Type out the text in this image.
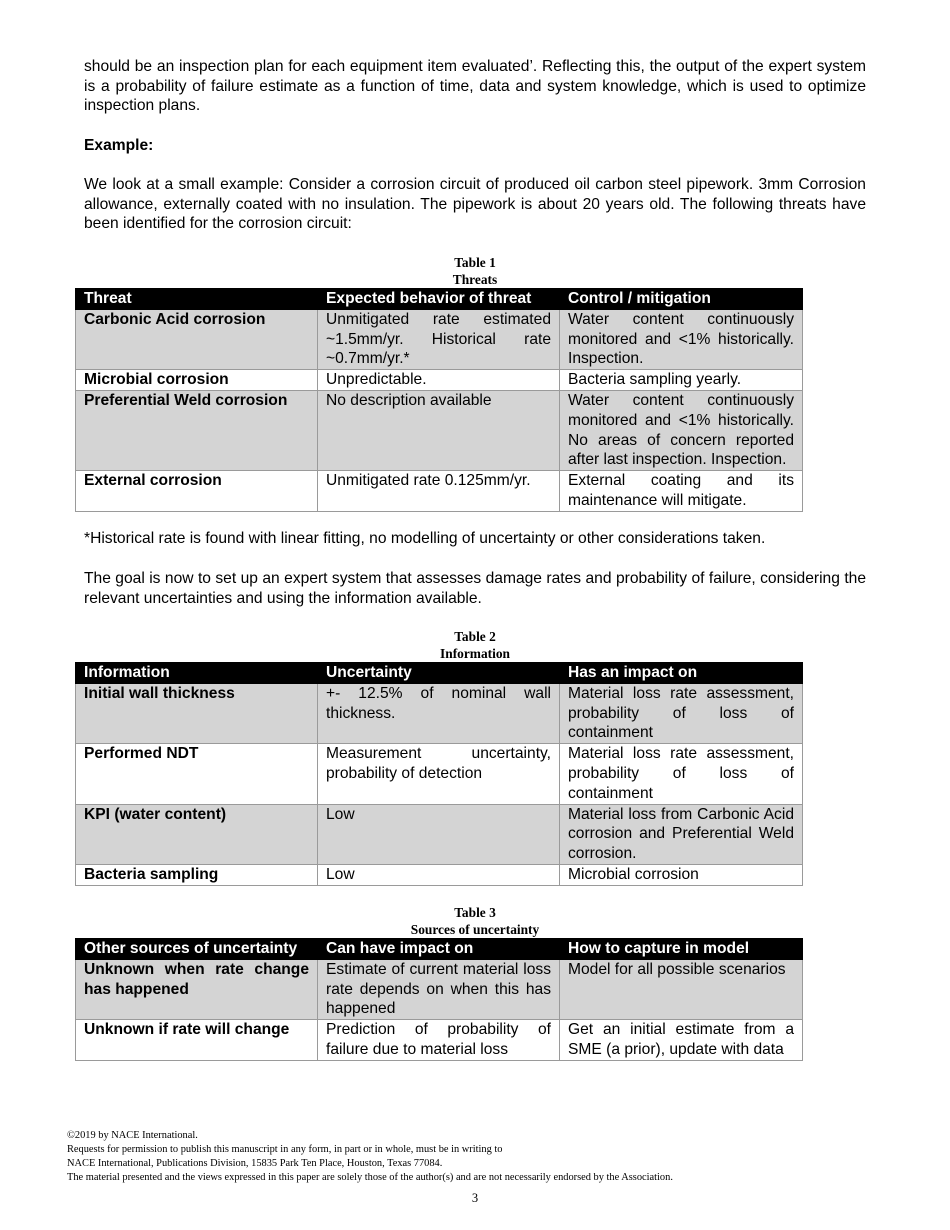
should be an inspection plan for each equipment item evaluated’. Reflecting this, the output of the expert system is a probability of failure estimate as a function of time, data and system knowledge, which is used to optimize inspection plans.

Example:

We look at a small example: Consider a corrosion circuit of produced oil carbon steel pipework. 3mm Corrosion allowance, externally coated with no insulation. The pipework is about 20 years old. The following threats have been identified for the corrosion circuit:

Table 1
Threats
Threat	Expected behavior of threat	Control / mitigation
Carbonic Acid corrosion	Unmitigated rate estimated ~1.5mm/yr. Historical rate ~0.7mm/yr.*	Water content continuously monitored and <1% historically. Inspection.
Microbial corrosion	Unpredictable.	Bacteria sampling yearly.
Preferential Weld corrosion	No description available	Water content continuously monitored and <1% historically. No areas of concern reported after last inspection. Inspection.
External corrosion	Unmitigated rate 0.125mm/yr.	External coating and its maintenance will mitigate.

*Historical rate is found with linear fitting, no modelling of uncertainty or other considerations taken.

The goal is now to set up an expert system that assesses damage rates and probability of failure, considering the relevant uncertainties and using the information available.

Table 2
Information
Information	Uncertainty	Has an impact on
Initial wall thickness	+- 12.5% of nominal wall thickness.	Material loss rate assessment, probability of loss of containment
Performed NDT	Measurement uncertainty, probability of detection	Material loss rate assessment, probability of loss of containment
KPI (water content)	Low	Material loss from Carbonic Acid corrosion and Preferential Weld corrosion.
Bacteria sampling	Low	Microbial corrosion
Table 3
Sources of uncertainty
Other sources of uncertainty	Can have impact on	How to capture in model
Unknown when rate change has happened	Estimate of current material loss rate depends on when this has happened	Model for all possible scenarios
Unknown if rate will change	Prediction of probability of failure due to material loss	Get an initial estimate from a SME (a prior), update with data
©2019 by NACE International.
Requests for permission to publish this manuscript in any form, in part or in whole, must be in writing to
NACE International, Publications Division, 15835 Park Ten Place, Houston, Texas 77084.
The material presented and the views expressed in this paper are solely those of the author(s) and are not necessarily endorsed by the Association.
3
